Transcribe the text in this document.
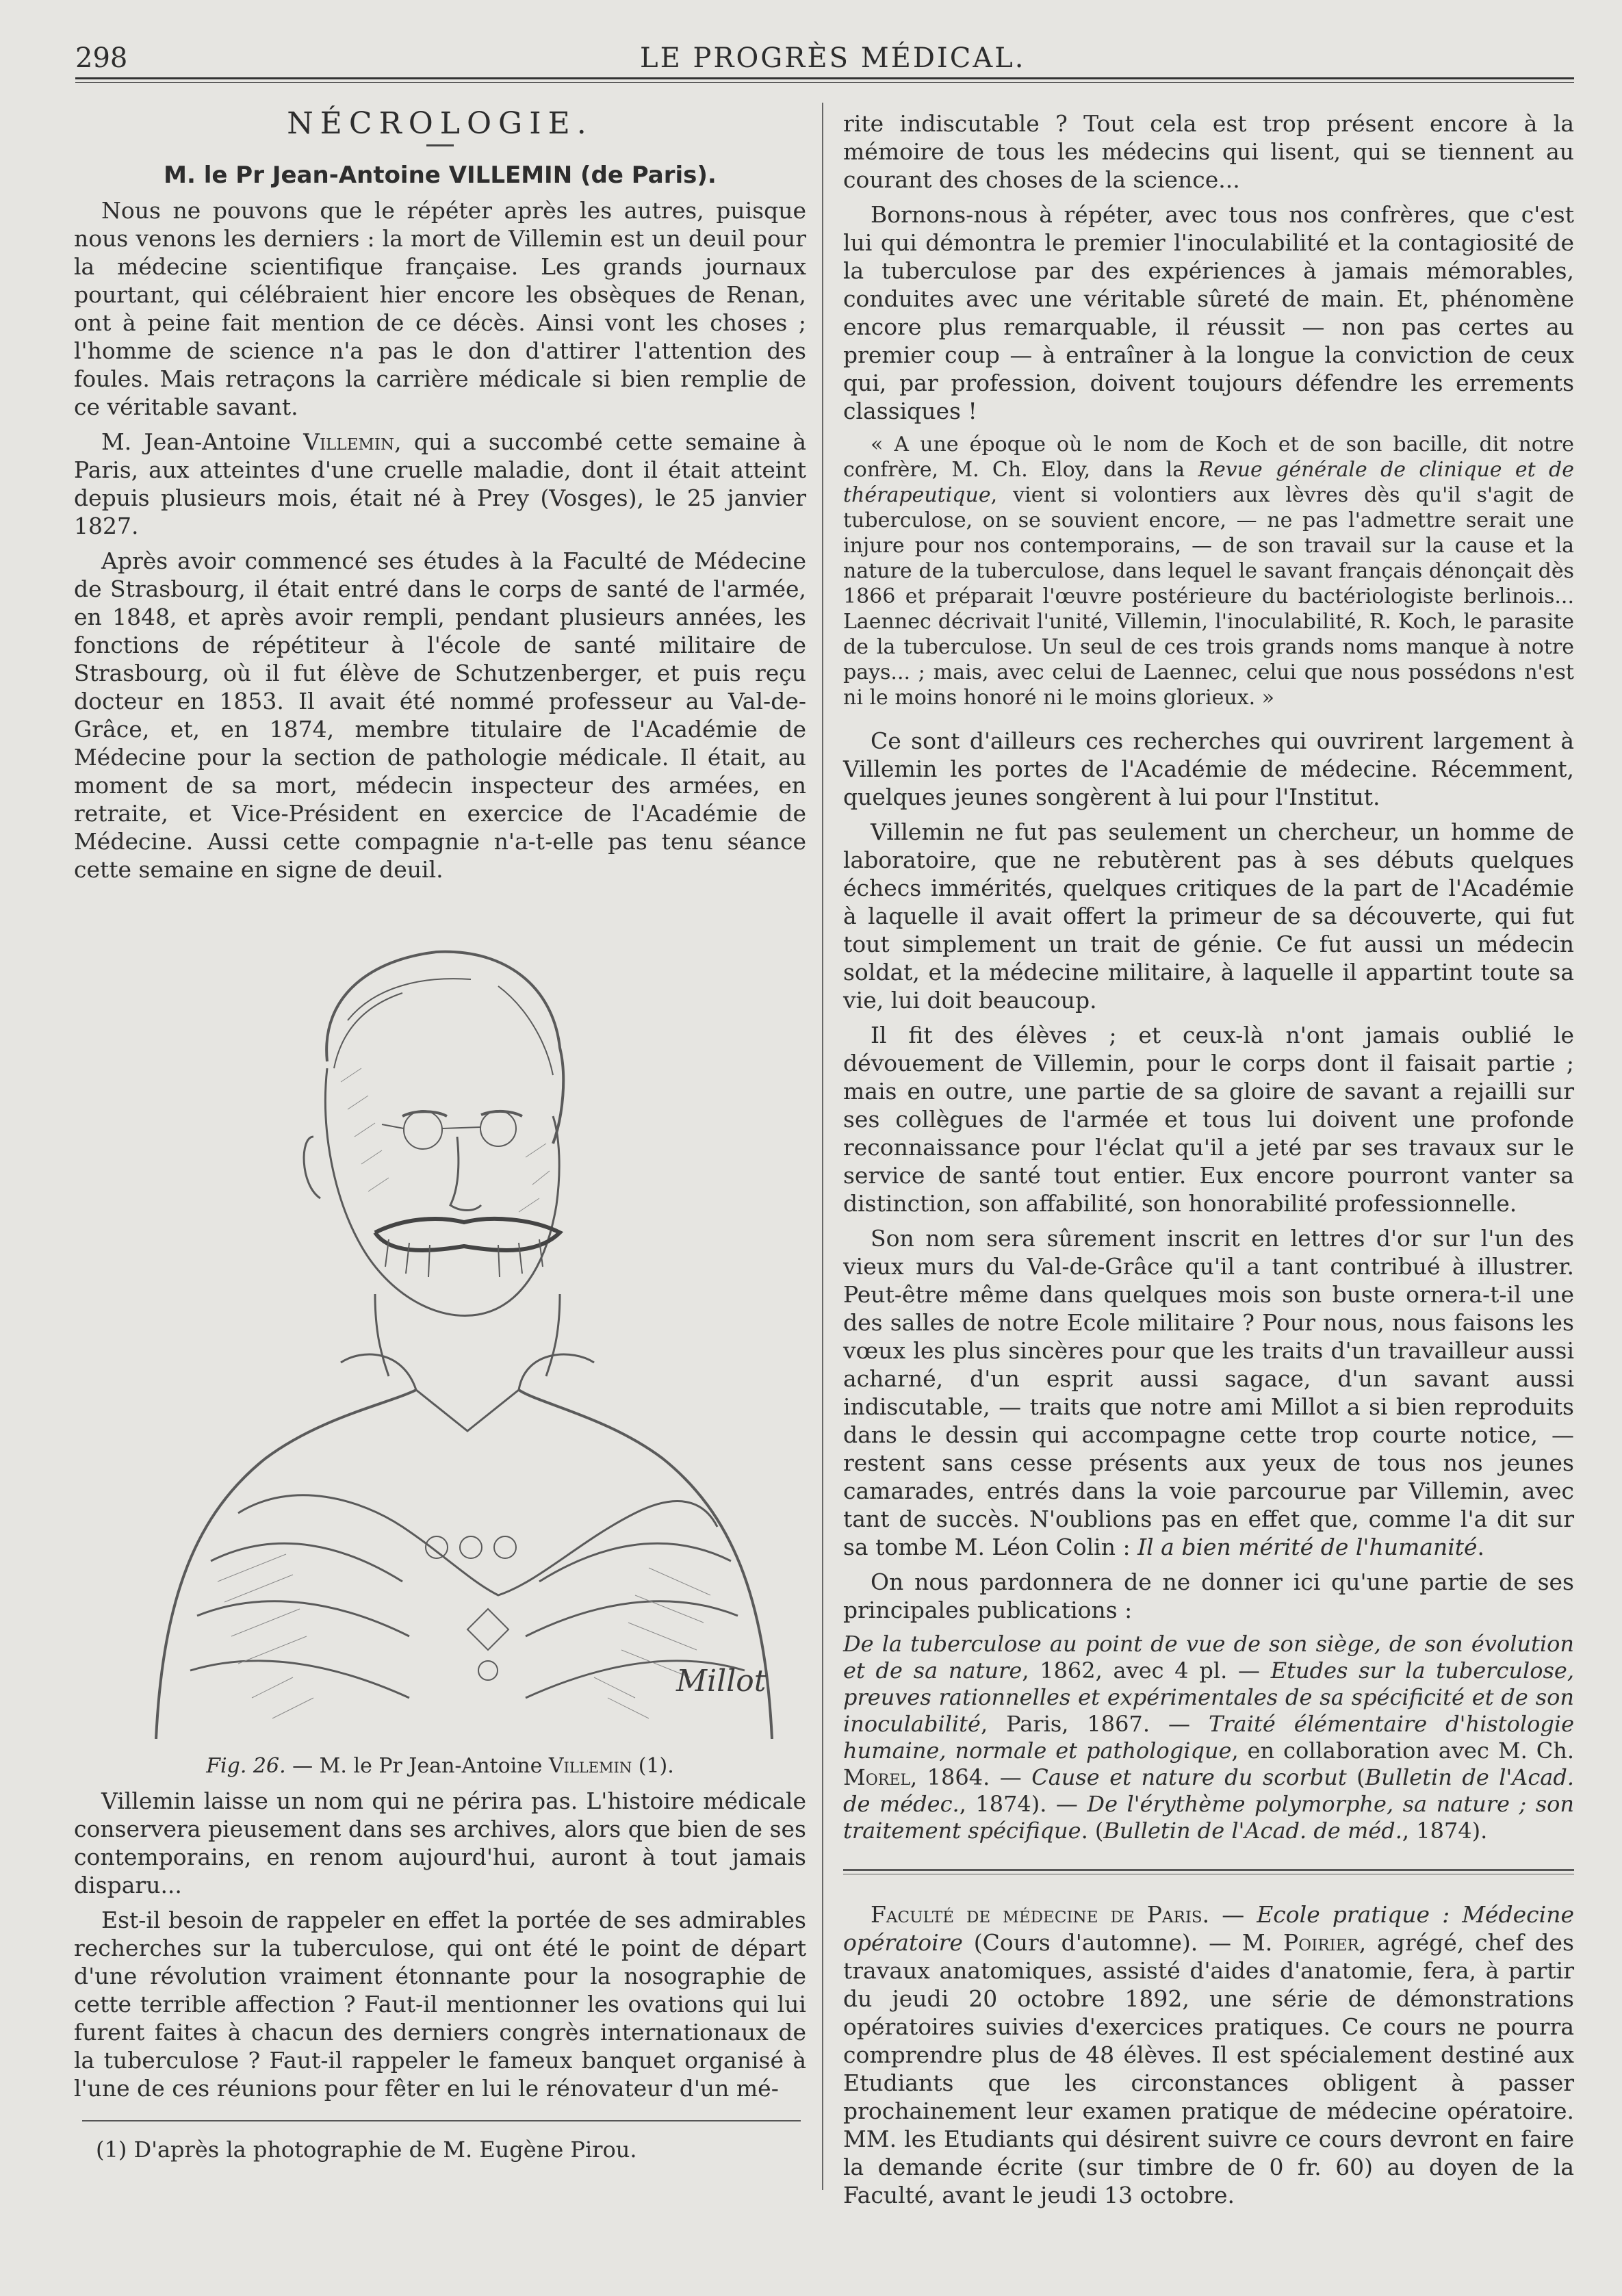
298	LE PROGRÈS MÉDICAL.

NÉCROLOGIE.

M. le Pr Jean-Antoine VILLEMIN (de Paris).

Nous ne pouvons que le répéter après les autres, puisque nous venons les derniers : la mort de Villemin est un deuil pour la médecine scientifique française. Les grands journaux pourtant, qui célébraient hier encore les obsèques de Renan, ont à peine fait mention de ce décès. Ainsi vont les choses ; l'homme de science n'a pas le don d'attirer l'attention des foules. Mais retraçons la carrière médicale si bien remplie de ce véritable savant.

M. Jean-Antoine Villemin, qui a succombé cette semaine à Paris, aux atteintes d'une cruelle maladie, dont il était atteint depuis plusieurs mois, était né à Prey (Vosges), le 25 janvier 1827.

Après avoir commencé ses études à la Faculté de Médecine de Strasbourg, il était entré dans le corps de santé de l'armée, en 1848, et après avoir rempli, pendant plusieurs années, les fonctions de répétiteur à l'école de santé militaire de Strasbourg, où il fut élève de Schutzenberger, et puis reçu docteur en 1853. Il avait été nommé professeur au Val-de-Grâce, et, en 1874, membre titulaire de l'Académie de Médecine pour la section de pathologie médicale. Il était, au moment de sa mort, médecin inspecteur des armées, en retraite, et Vice-Président en exercice de l'Académie de Médecine. Aussi cette compagnie n'a-t-elle pas tenu séance cette semaine en signe de deuil.

Millot

Fig. 26. — M. le Pr Jean-Antoine Villemin (1).

Villemin laisse un nom qui ne périra pas. L'histoire médicale conservera pieusement dans ses archives, alors que bien de ses contemporains, en renom aujourd'hui, auront à tout jamais disparu...

Est-il besoin de rappeler en effet la portée de ses admirables recherches sur la tuberculose, qui ont été le point de départ d'une révolution vraiment étonnante pour la nosographie de cette terrible affection ? Faut-il mentionner les ovations qui lui furent faites à chacun des derniers congrès internationaux de la tuberculose ? Faut-il rappeler le fameux banquet organisé à l'une de ces réunions pour fêter en lui le rénovateur d'un mé-

(1) D'après la photographie de M. Eugène Pirou.

rite indiscutable ? Tout cela est trop présent encore à la mémoire de tous les médecins qui lisent, qui se tiennent au courant des choses de la science...

Bornons-nous à répéter, avec tous nos confrères, que c'est lui qui démontra le premier l'inoculabilité et la contagiosité de la tuberculose par des expériences à jamais mémorables, conduites avec une véritable sûreté de main. Et, phénomène encore plus remarquable, il réussit — non pas certes au premier coup — à entraîner à la longue la conviction de ceux qui, par profession, doivent toujours défendre les errements classiques !

« A une époque où le nom de Koch et de son bacille, dit notre confrère, M. Ch. Eloy, dans la Revue générale de clinique et de thérapeutique, vient si volontiers aux lèvres dès qu'il s'agit de tuberculose, on se souvient encore, — ne pas l'admettre serait une injure pour nos contemporains, — de son travail sur la cause et la nature de la tuberculose, dans lequel le savant français dénonçait dès 1866 et préparait l'œuvre postérieure du bactériologiste berlinois... Laennec décrivait l'unité, Villemin, l'inoculabilité, R. Koch, le parasite de la tuberculose. Un seul de ces trois grands noms manque à notre pays... ; mais, avec celui de Laennec, celui que nous possédons n'est ni le moins honoré ni le moins glorieux. »

Ce sont d'ailleurs ces recherches qui ouvrirent largement à Villemin les portes de l'Académie de médecine. Récemment, quelques jeunes songèrent à lui pour l'Institut.

Villemin ne fut pas seulement un chercheur, un homme de laboratoire, que ne rebutèrent pas à ses débuts quelques échecs immérités, quelques critiques de la part de l'Académie à laquelle il avait offert la primeur de sa découverte, qui fut tout simplement un trait de génie. Ce fut aussi un médecin soldat, et la médecine militaire, à laquelle il appartint toute sa vie, lui doit beaucoup.

Il fit des élèves ; et ceux-là n'ont jamais oublié le dévouement de Villemin, pour le corps dont il faisait partie ; mais en outre, une partie de sa gloire de savant a rejailli sur ses collègues de l'armée et tous lui doivent une profonde reconnaissance pour l'éclat qu'il a jeté par ses travaux sur le service de santé tout entier. Eux encore pourront vanter sa distinction, son affabilité, son honorabilité professionnelle.

Son nom sera sûrement inscrit en lettres d'or sur l'un des vieux murs du Val-de-Grâce qu'il a tant contribué à illustrer. Peut-être même dans quelques mois son buste ornera-t-il une des salles de notre Ecole militaire ? Pour nous, nous faisons les vœux les plus sincères pour que les traits d'un travailleur aussi acharné, d'un esprit aussi sagace, d'un savant aussi indiscutable, — traits que notre ami Millot a si bien reproduits dans le dessin qui accompagne cette trop courte notice, — restent sans cesse présents aux yeux de tous nos jeunes camarades, entrés dans la voie parcourue par Villemin, avec tant de succès. N'oublions pas en effet que, comme l'a dit sur sa tombe M. Léon Colin : Il a bien mérité de l'humanité.

On nous pardonnera de ne donner ici qu'une partie de ses principales publications :

De la tuberculose au point de vue de son siège, de son évolution et de sa nature, 1862, avec 4 pl. — Etudes sur la tuberculose, preuves rationnelles et expérimentales de sa spécificité et de son inoculabilité, Paris, 1867. — Traité élémentaire d'histologie humaine, normale et pathologique, en collaboration avec M. Ch. Morel, 1864. — Cause et nature du scorbut (Bulletin de l'Acad. de médec., 1874). — De l'érythème polymorphe, sa nature ; son traitement spécifique. (Bulletin de l'Acad. de méd., 1874).

Faculté de médecine de Paris. — Ecole pratique : Médecine opératoire (Cours d'automne). — M. Poirier, agrégé, chef des travaux anatomiques, assisté d'aides d'anatomie, fera, à partir du jeudi 20 octobre 1892, une série de démonstrations opératoires suivies d'exercices pratiques. Ce cours ne pourra comprendre plus de 48 élèves. Il est spécialement destiné aux Etudiants que les circonstances obligent à passer prochainement leur examen pratique de médecine opératoire. MM. les Etudiants qui désirent suivre ce cours devront en faire la demande écrite (sur timbre de 0 fr. 60) au doyen de la Faculté, avant le jeudi 13 octobre.
